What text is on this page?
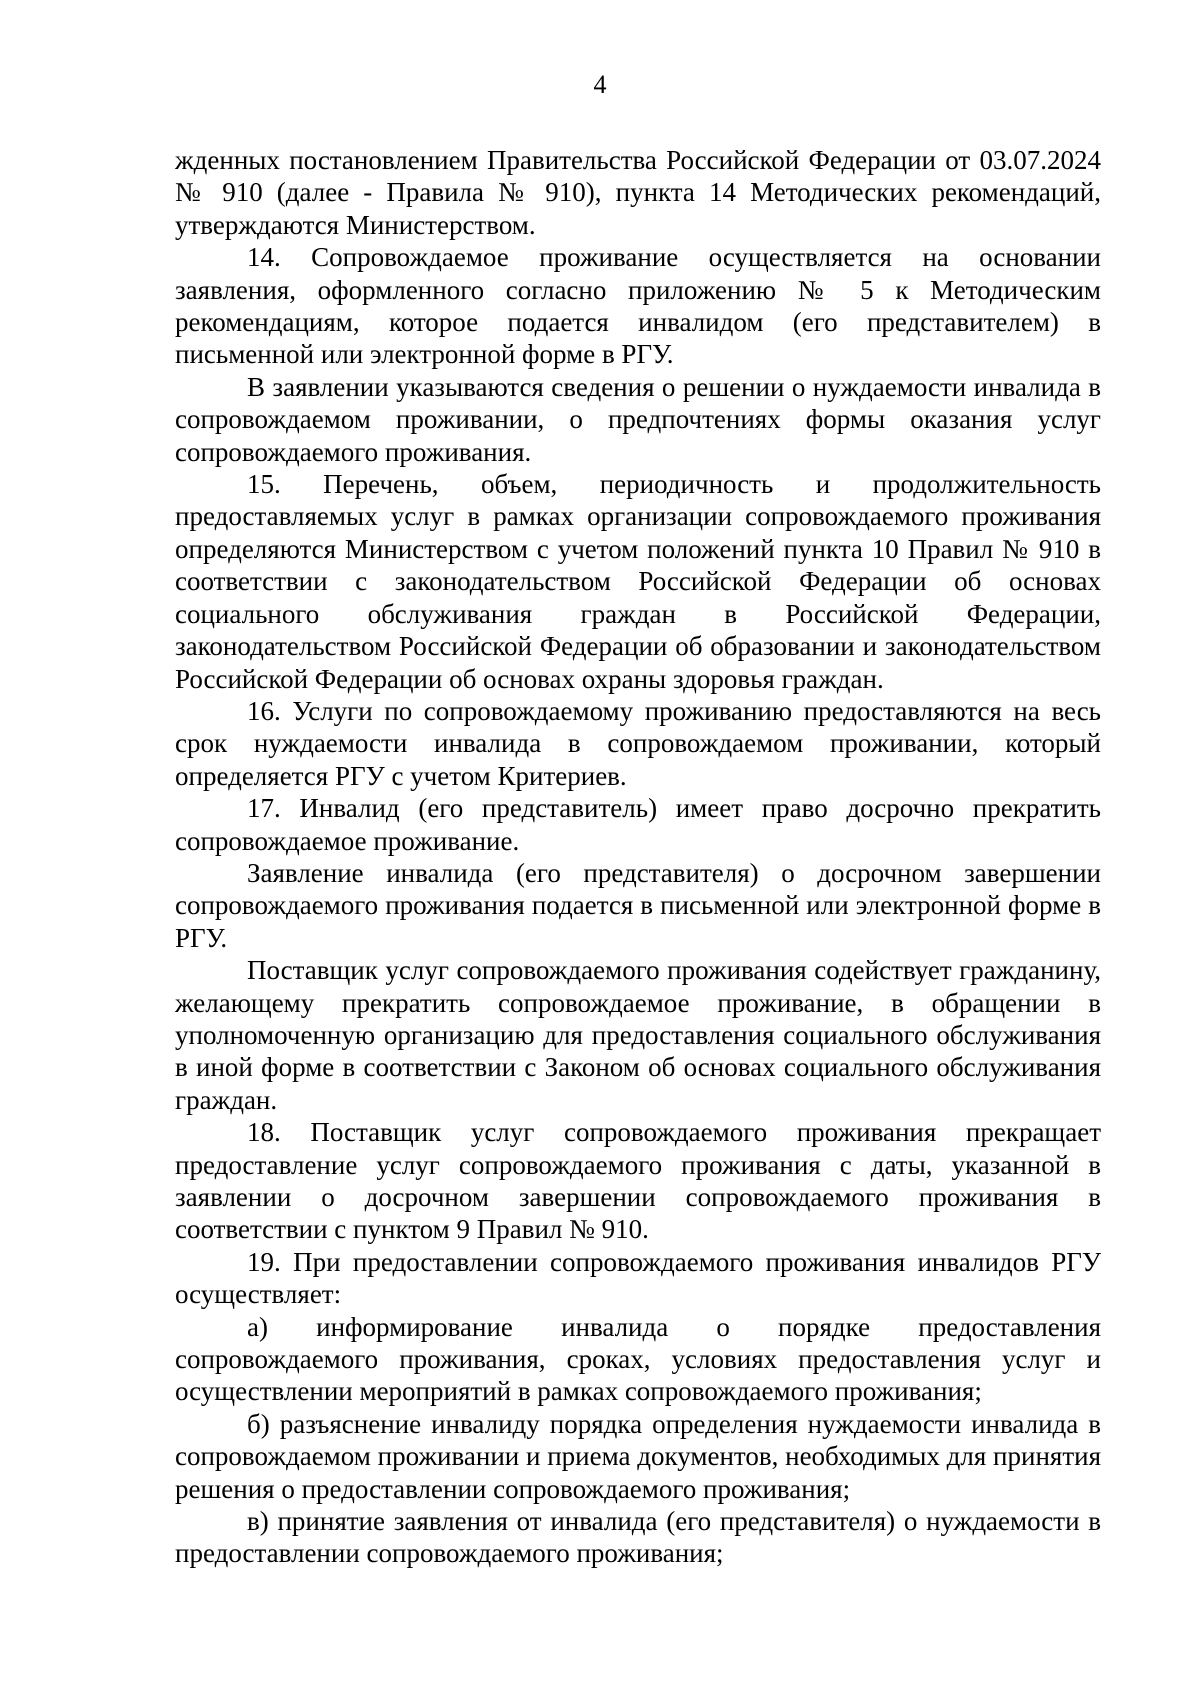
4

жденных постановлением Правительства Российской Федерации от 03.07.2024 № 910 (далее - Правила № 910), пункта 14 Методических рекомендаций, утверждаются Министерством.

14. Сопровождаемое проживание осуществляется на основании заявления, оформленного согласно приложению № 5 к Методическим рекомендациям, которое подается инвалидом (его представителем) в письменной или электронной форме в РГУ.

В заявлении указываются сведения о решении о нуждаемости инвалида в сопровождаемом проживании, о предпочтениях формы оказания услуг сопровождаемого проживания.

15. Перечень, объем, периодичность и продолжительность предоставляемых услуг в рамках организации сопровождаемого проживания определяются Министерством с учетом положений пункта 10 Правил № 910 в соответствии с законодательством Российской Федерации об основах социального обслуживания граждан в Российской Федерации, законодательством Российской Федерации об образовании и законодательством Российской Федерации об основах охраны здоровья граждан.

16. Услуги по сопровождаемому проживанию предоставляются на весь срок нуждаемости инвалида в сопровождаемом проживании, который определяется РГУ с учетом Критериев.

17. Инвалид (его представитель) имеет право досрочно прекратить сопровождаемое проживание.

Заявление инвалида (его представителя) о досрочном завершении сопровождаемого проживания подается в письменной или электронной форме в РГУ.

Поставщик услуг сопровождаемого проживания содействует гражданину, желающему прекратить сопровождаемое проживание, в обращении в уполномоченную организацию для предоставления социального обслуживания в иной форме в соответствии с Законом об основах социального обслуживания граждан.

18. Поставщик услуг сопровождаемого проживания прекращает предоставление услуг сопровождаемого проживания с даты, указанной в заявлении о досрочном завершении сопровождаемого проживания в соответствии с пунктом 9 Правил № 910.

19. При предоставлении сопровождаемого проживания инвалидов РГУ осуществляет:

а) информирование инвалида о порядке предоставления сопровождаемого проживания, сроках, условиях предоставления услуг и осуществлении мероприятий в рамках сопровождаемого проживания;

б) разъяснение инвалиду порядка определения нуждаемости инвалида в сопровождаемом проживании и приема документов, необходимых для принятия решения о предоставлении сопровождаемого проживания;

в) принятие заявления от инвалида (его представителя) о нуждаемости в предоставлении сопровождаемого проживания;
